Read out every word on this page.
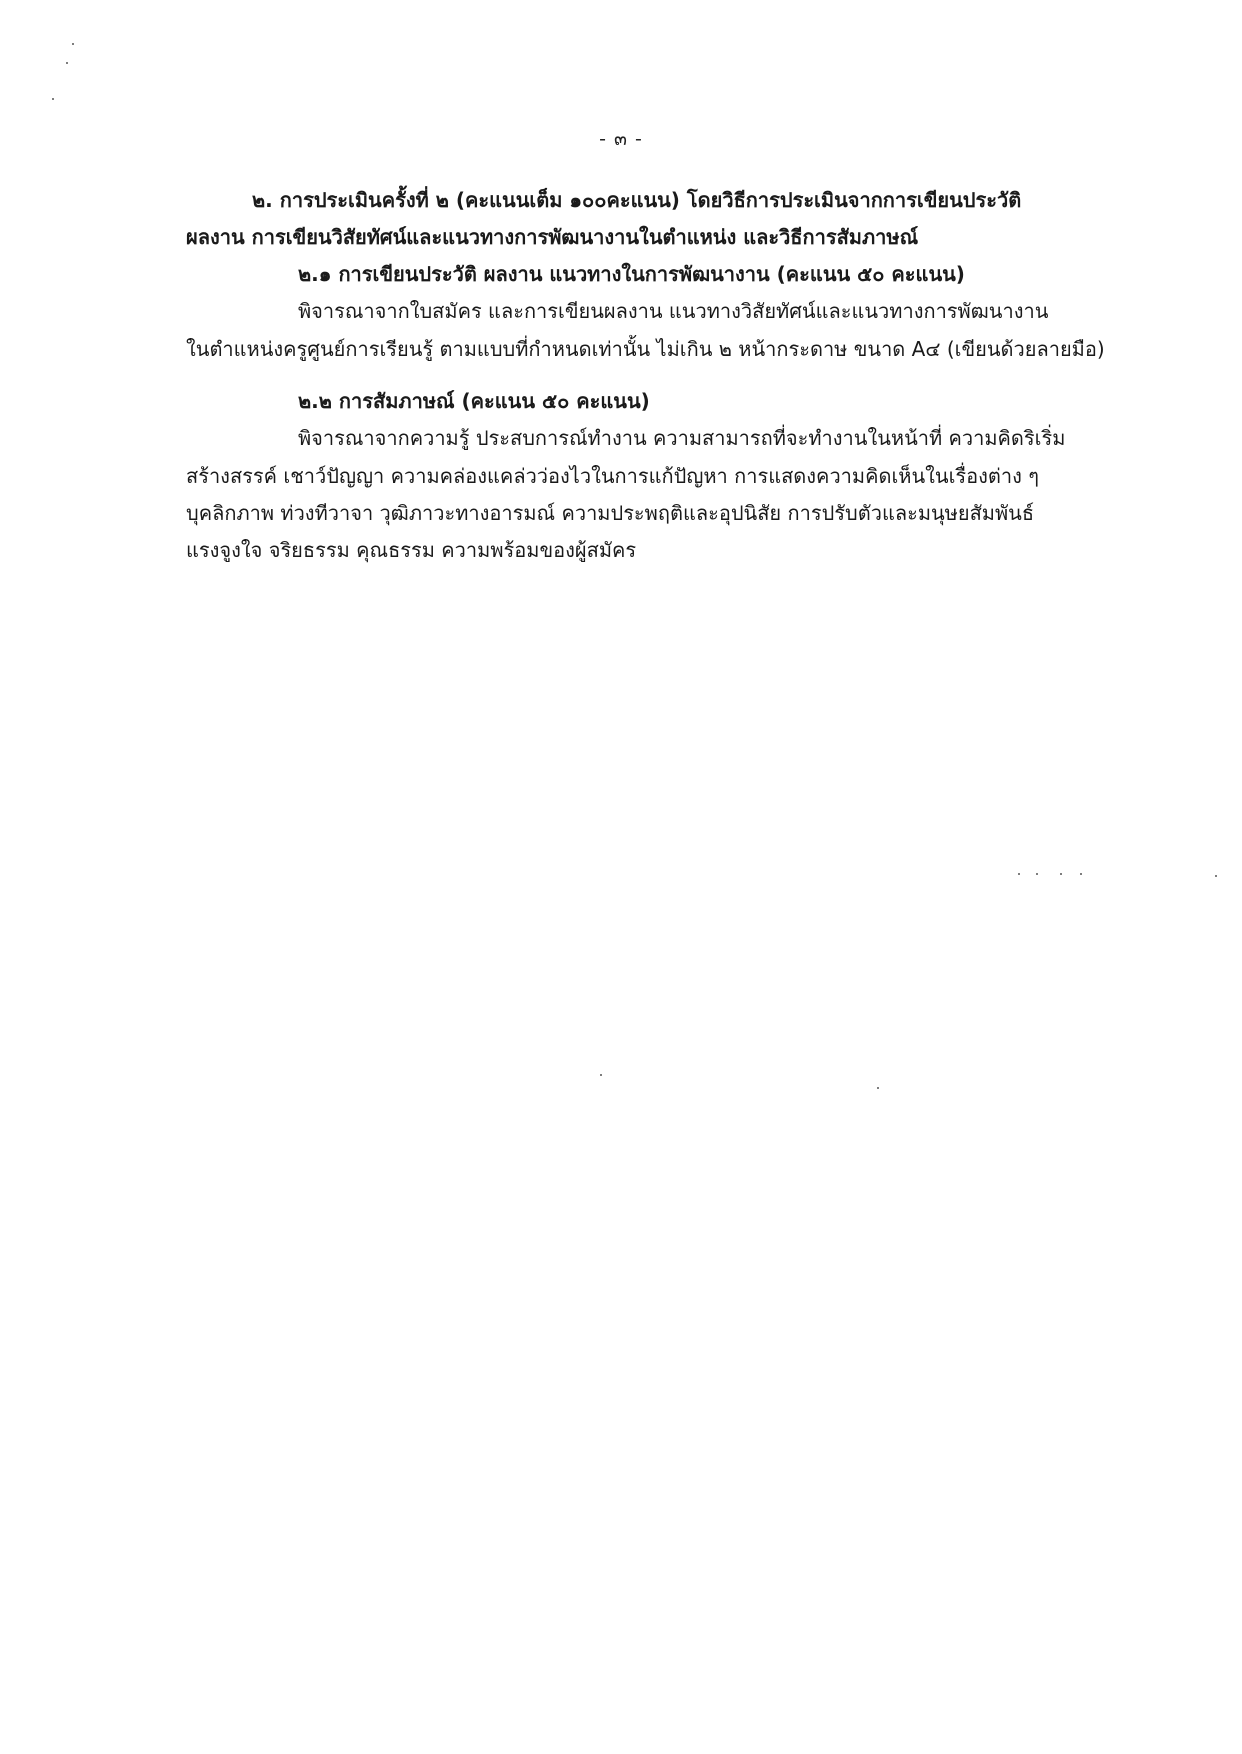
- ๓ -
๒. การประเมินครั้งที่ ๒ (คะแนนเต็ม ๑๐๐คะแนน) โดยวิธีการประเมินจากการเขียนประวัติ
ผลงาน การเขียนวิสัยทัศน์และแนวทางการพัฒนางานในตำแหน่ง และวิธีการสัมภาษณ์
๒.๑ การเขียนประวัติ ผลงาน แนวทางในการพัฒนางาน (คะแนน ๕๐ คะแนน)
พิจารณาจากใบสมัคร และการเขียนผลงาน แนวทางวิสัยทัศน์และแนวทางการพัฒนางาน
ในตำแหน่งครูศูนย์การเรียนรู้ ตามแบบที่กำหนดเท่านั้น ไม่เกิน ๒ หน้ากระดาษ ขนาด A๔ (เขียนด้วยลายมือ)
๒.๒ การสัมภาษณ์ (คะแนน ๕๐ คะแนน)
พิจารณาจากความรู้ ประสบการณ์ทำงาน ความสามารถที่จะทำงานในหน้าที่ ความคิดริเริ่ม
สร้างสรรค์ เชาว์ปัญญา ความคล่องแคล่วว่องไวในการแก้ปัญหา การแสดงความคิดเห็นในเรื่องต่าง ๆ
บุคลิกภาพ ท่วงทีวาจา วุฒิภาวะทางอารมณ์ ความประพฤติและอุปนิสัย การปรับตัวและมนุษยสัมพันธ์
แรงจูงใจ จริยธรรม คุณธรรม ความพร้อมของผู้สมัคร
